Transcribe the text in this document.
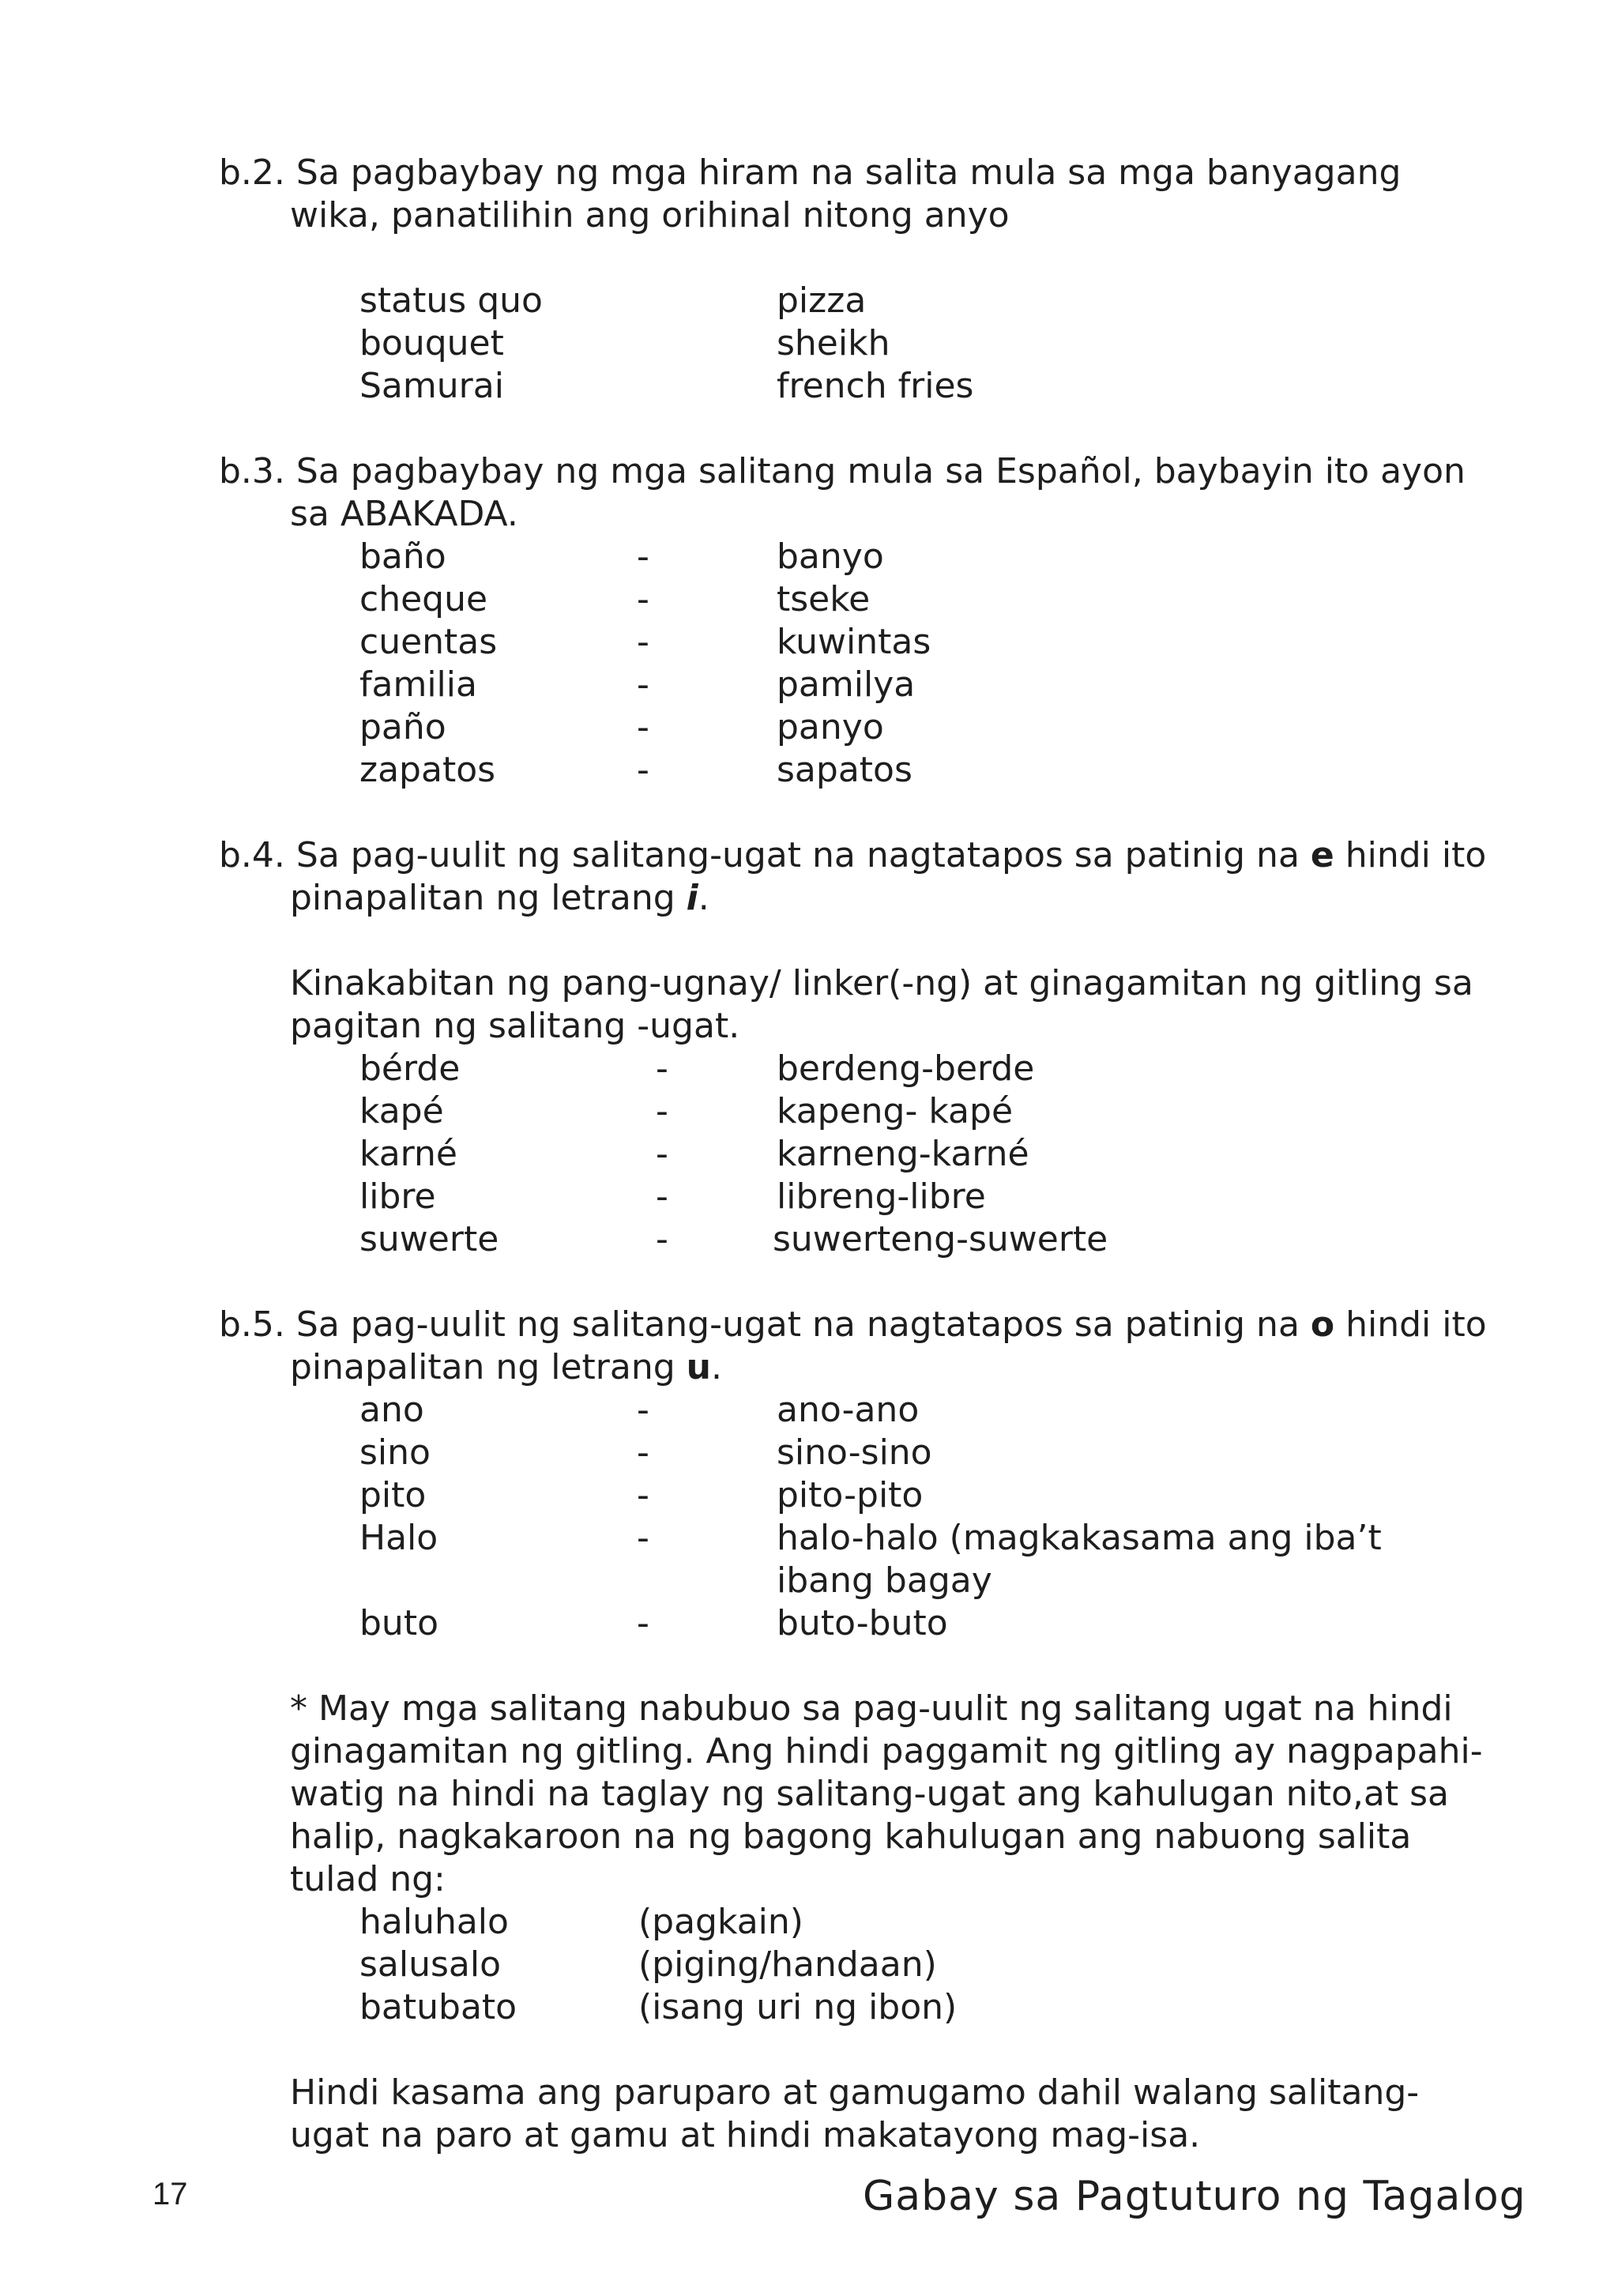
b.2. Sa pagbaybay ng mga hiram na salita mula sa mga banyagang
wika, panatilihin ang orihinal nitong anyo
status quo	pizza
bouquet	sheikh
Samurai	french fries
b.3. Sa pagbaybay ng mga salitang mula sa Español, baybayin ito ayon
sa ABAKADA.
baño	-	banyo
cheque	-	tseke
cuentas	-	kuwintas
familia	-	pamilya
paño	-	panyo
zapatos	-	sapatos
b.4. Sa pag-uulit ng salitang-ugat na nagtatapos sa patinig na e hindi ito
pinapalitan ng letrang i.
Kinakabitan ng pang-ugnay/ linker(-ng) at ginagamitan ng gitling sa
pagitan ng salitang -ugat.
bérde	-	berdeng-berde
kapé	-	kapeng- kapé
karné	-	karneng-karné
libre	-	libreng-libre
suwerte	-	suwerteng-suwerte
b.5. Sa pag-uulit ng salitang-ugat na nagtatapos sa patinig na o hindi ito
pinapalitan ng letrang u.
ano	-	ano-ano
sino	-	sino-sino
pito	-	pito-pito
Halo	-	halo-halo (magkakasama ang iba’t
ibang bagay
buto	-	buto-buto
* May mga salitang nabubuo sa pag-uulit ng salitang ugat na hindi
ginagamitan ng gitling. Ang hindi paggamit ng gitling ay nagpapahi-
watig na hindi na taglay ng salitang-ugat ang kahulugan nito,at sa
halip, nagkakaroon na ng bagong kahulugan ang nabuong salita
tulad ng:
haluhalo	(pagkain)
salusalo	(piging/handaan)
batubato	(isang uri ng ibon)
Hindi kasama ang paruparo at gamugamo dahil walang salitang-
ugat na paro at gamu at hindi makatayong mag-isa.
17	Gabay sa Pagtuturo ng Tagalog
